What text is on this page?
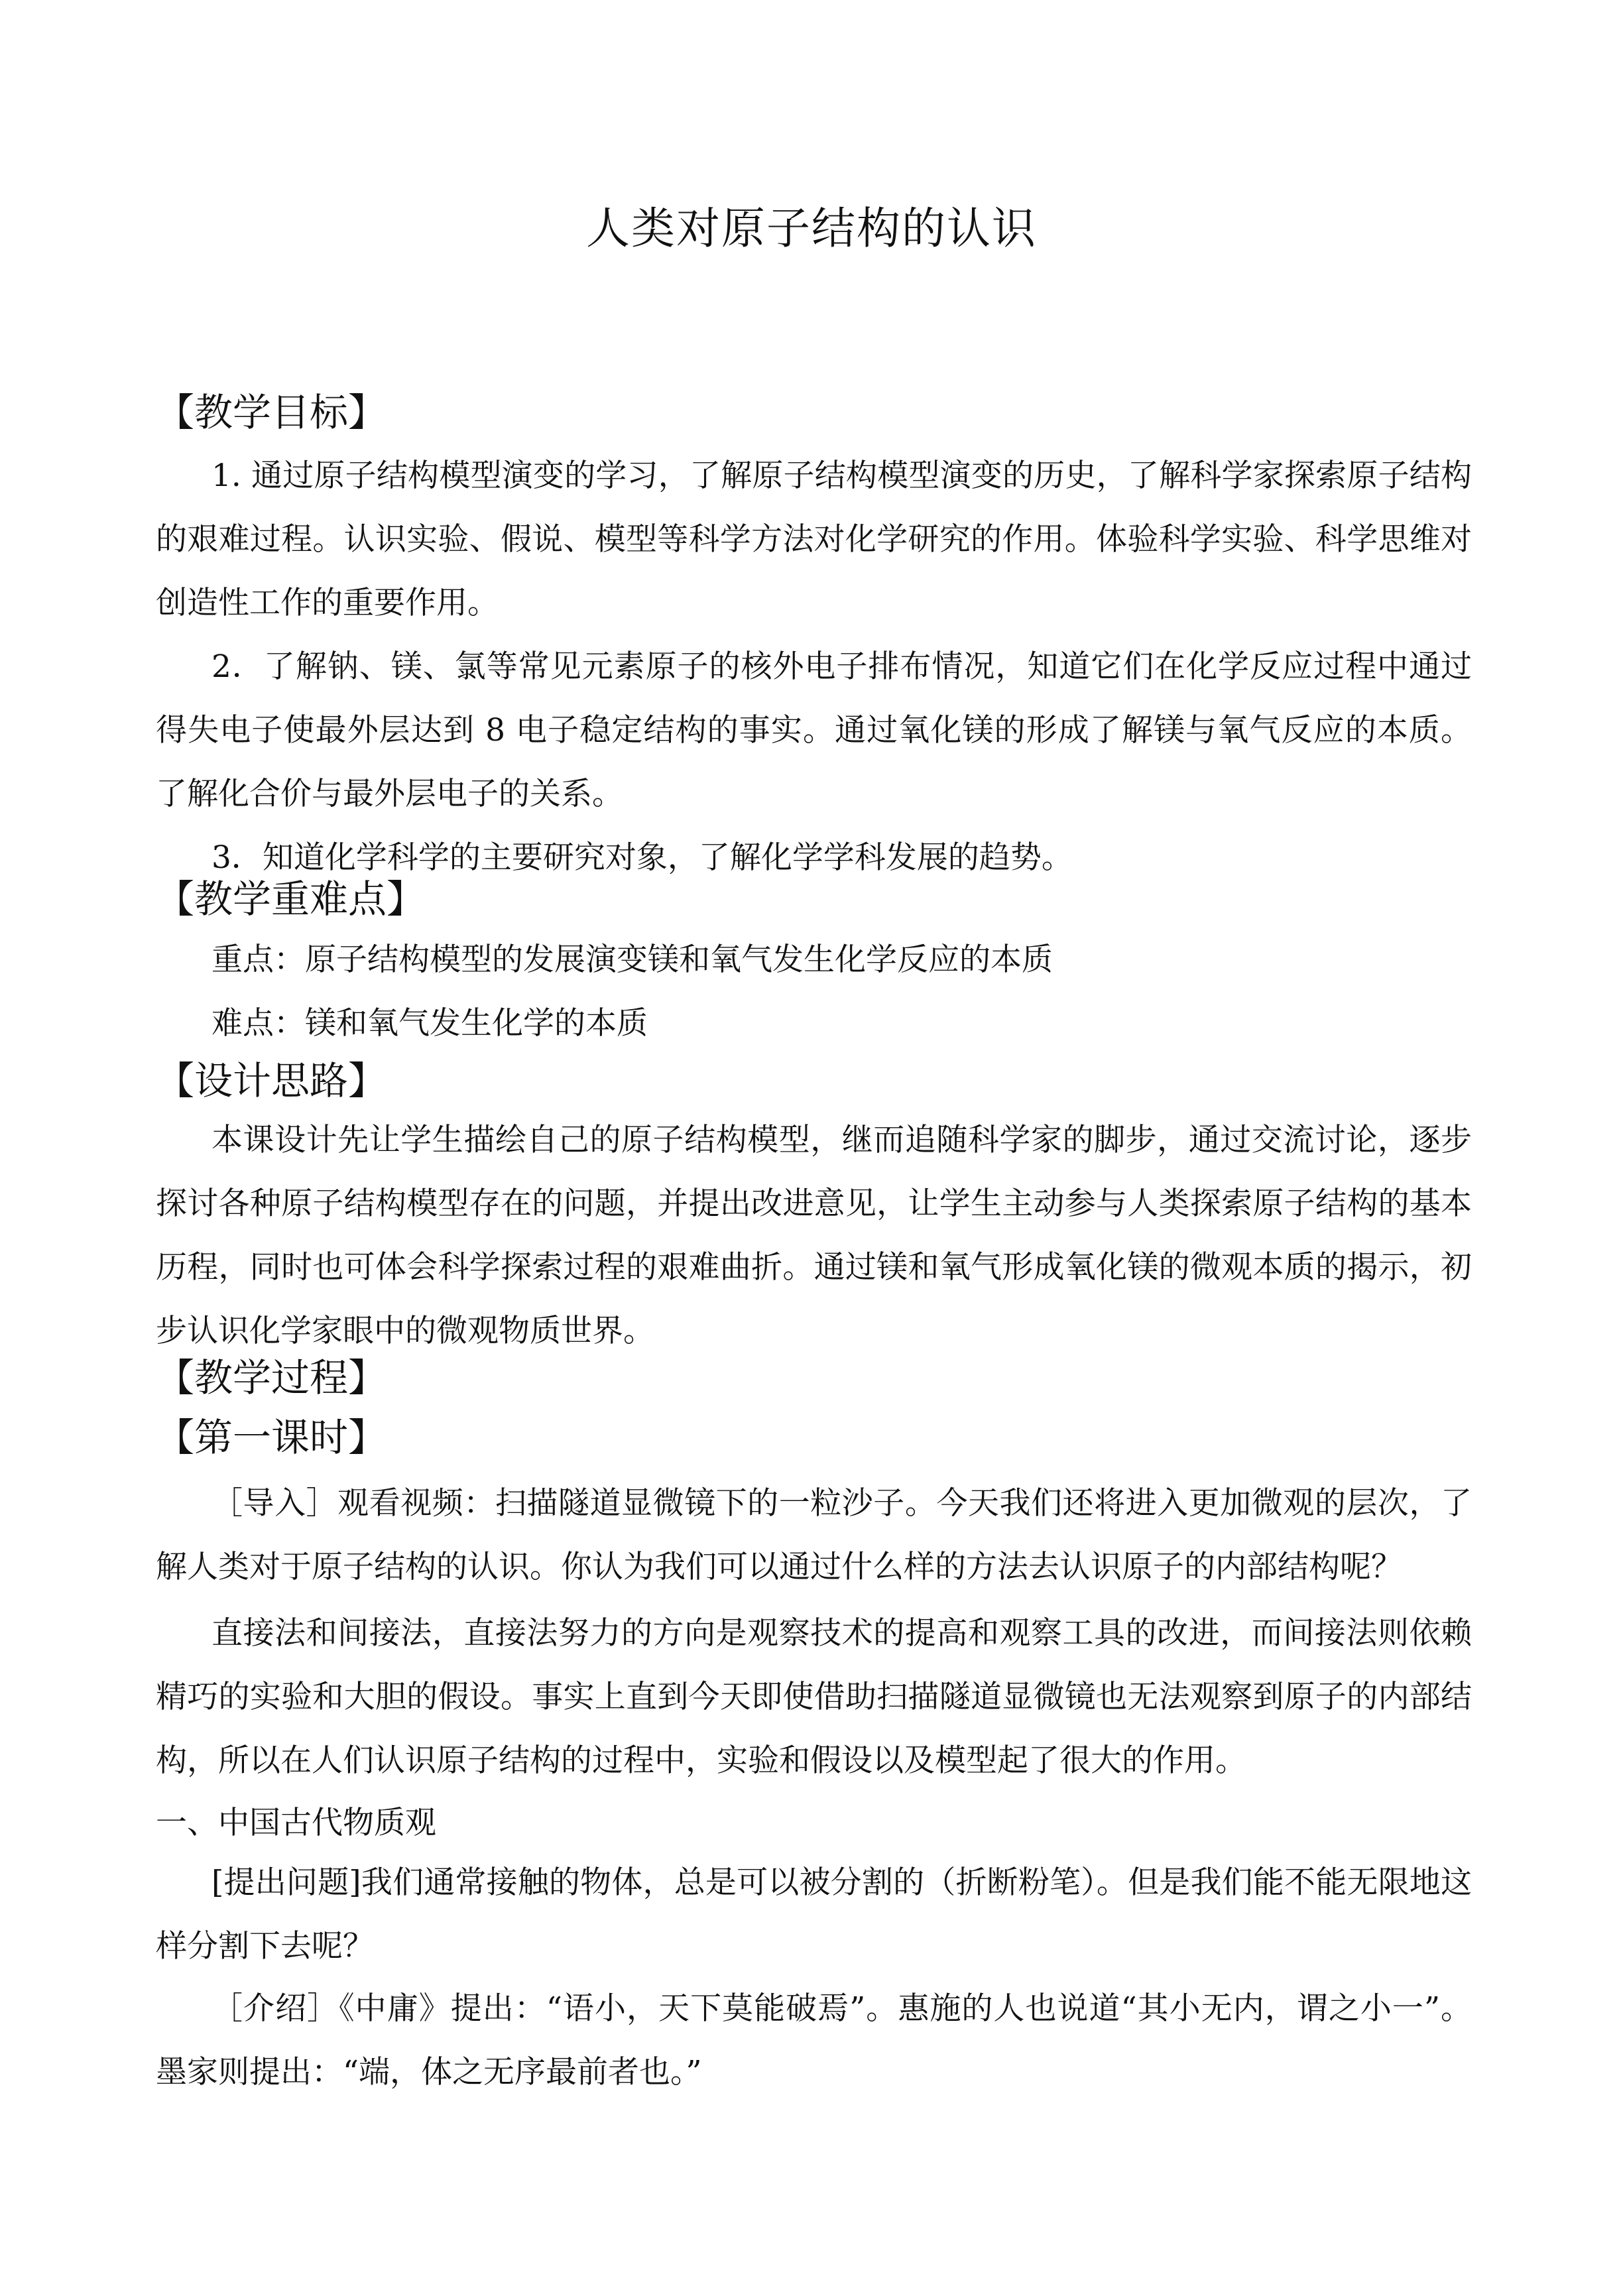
人类对原子结构的认识
【教学目标】
1. 通过原子结构模型演变的学习，了解原子结构模型演变的历史，了解科学家探索原子结构的艰难过程。认识实验、假说、模型等科学方法对化学研究的作用。体验科学实验、科学思维对创造性工作的重要作用。
2．了解钠、镁、氯等常见元素原子的核外电子排布情况，知道它们在化学反应过程中通过得失电子使最外层达到 8 电子稳定结构的事实。通过氧化镁的形成了解镁与氧气反应的本质。了解化合价与最外层电子的关系。
3．知道化学科学的主要研究对象，了解化学学科发展的趋势。
【教学重难点】
重点：原子结构模型的发展演变镁和氧气发生化学反应的本质
难点：镁和氧气发生化学的本质
【设计思路】
本课设计先让学生描绘自己的原子结构模型，继而追随科学家的脚步，通过交流讨论，逐步探讨各种原子结构模型存在的问题，并提出改进意见，让学生主动参与人类探索原子结构的基本历程，同时也可体会科学探索过程的艰难曲折。通过镁和氧气形成氧化镁的微观本质的揭示，初步认识化学家眼中的微观物质世界。
【教学过程】
【第一课时】
［导入］观看视频：扫描隧道显微镜下的一粒沙子。今天我们还将进入更加微观的层次，了解人类对于原子结构的认识。你认为我们可以通过什么样的方法去认识原子的内部结构呢？
直接法和间接法，直接法努力的方向是观察技术的提高和观察工具的改进，而间接法则依赖精巧的实验和大胆的假设。事实上直到今天即使借助扫描隧道显微镜也无法观察到原子的内部结构，所以在人们认识原子结构的过程中，实验和假设以及模型起了很大的作用。
一、中国古代物质观
[提出问题]我们通常接触的物体，总是可以被分割的（折断粉笔）。但是我们能不能无限地这样分割下去呢？
［介绍］《中庸》提出：“语小，天下莫能破焉”。惠施的人也说道“其小无内，谓之小一”。墨家则提出：“端，体之无序最前者也。”
